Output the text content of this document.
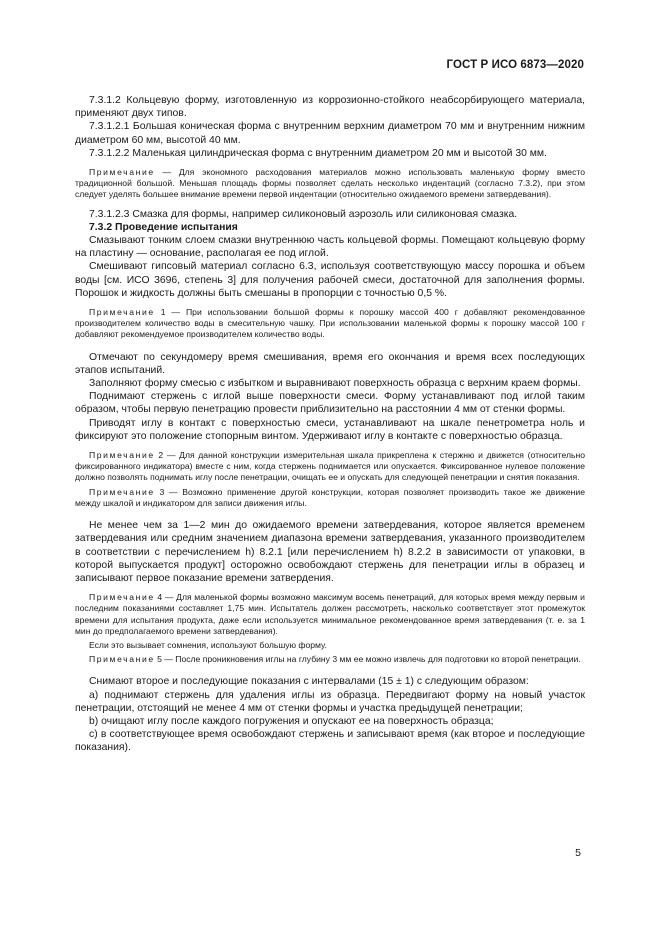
ГОСТ Р ИСО 6873—2020

7.3.1.2 Кольцевую форму, изготовленную из коррозионно-стойкого неабсорбирующего материала, применяют двух типов.

7.3.1.2.1 Большая коническая форма с внутренним верхним диаметром 70 мм и внутренним нижним диаметром 60 мм, высотой 40 мм.

7.3.1.2.2 Маленькая цилиндрическая форма с внутренним диаметром 20 мм и высотой 30 мм.

Примечание — Для экономного расходования материалов можно использовать маленькую форму вместо традиционной большой. Меньшая площадь формы позволяет сделать несколько индентаций (согласно 7.3.2), при этом следует уделять большее внимание времени первой индентации (относительно ожидаемого времени затвердевания).

7.3.1.2.3 Смазка для формы, например силиконовый аэрозоль или силиконовая смазка.

7.3.2 Проведение испытания

Смазывают тонким слоем смазки внутреннюю часть кольцевой формы. Помещают кольцевую форму на пластину — основание, располагая ее под иглой.

Смешивают гипсовый материал согласно 6.3, используя соответствующую массу порошка и объем воды [см. ИСО 3696, степень 3] для получения рабочей смеси, достаточной для заполнения формы. Порошок и жидкость должны быть смешаны в пропорции с точностью 0,5 %.

Примечание 1 — При использовании большой формы к порошку массой 400 г добавляют рекомендованное производителем количество воды в смесительную чашку. При использовании маленькой формы к порошку массой 100 г добавляют рекомендуемое производителем количество воды.

Отмечают по секундомеру время смешивания, время его окончания и время всех последующих этапов испытаний.

Заполняют форму смесью с избытком и выравнивают поверхность образца с верхним краем формы.

Поднимают стержень с иглой выше поверхности смеси. Форму устанавливают под иглой таким образом, чтобы первую пенетрацию провести приблизительно на расстоянии 4 мм от стенки формы.

Приводят иглу в контакт с поверхностью смеси, устанавливают на шкале пенетрометра ноль и фиксируют это положение стопорным винтом. Удерживают иглу в контакте с поверхностью образца.

Примечание 2 — Для данной конструкции измерительная шкала прикреплена к стержню и движется (относительно фиксированного индикатора) вместе с ним, когда стержень поднимается или опускается. Фиксированное нулевое положение должно позволять поднимать иглу после пенетрации, очищать ее и опускать для следующей пенетрации и снятия показания.

Примечание 3 — Возможно применение другой конструкции, которая позволяет производить такое же движение между шкалой и индикатором для записи движения иглы.

Не менее чем за 1—2 мин до ожидаемого времени затвердевания, которое является временем затвердевания или средним значением диапазона времени затвердевания, указанного производителем в соответствии с перечислением h) 8.2.1 [или перечислением h) 8.2.2 в зависимости от упаковки, в которой выпускается продукт] осторожно освобождают стержень для пенетрации иглы в образец и записывают первое показание времени затвердения.

Примечание 4 — Для маленькой формы возможно максимум восемь пенетраций, для которых время между первым и последним показаниями составляет 1,75 мин. Испытатель должен рассмотреть, насколько соответствует этот промежуток времени для испытания продукта, даже если используется минимальное рекомендованное время затвердевания (т. е. за 1 мин до предполагаемого времени затвердевания).

Если это вызывает сомнения, используют большую форму.

Примечание 5 — После проникновения иглы на глубину 3 мм ее можно извлечь для подготовки ко второй пенетрации.

Снимают второе и последующие показания с интервалами (15 ± 1) с следующим образом:

а) поднимают стержень для удаления иглы из образца. Передвигают форму на новый участок пенетрации, отстоящий не менее 4 мм от стенки формы и участка предыдущей пенетрации;

b) очищают иглу после каждого погружения и опускают ее на поверхность образца;

c) в соответствующее время освобождают стержень и записывают время (как второе и последующие показания).

5
